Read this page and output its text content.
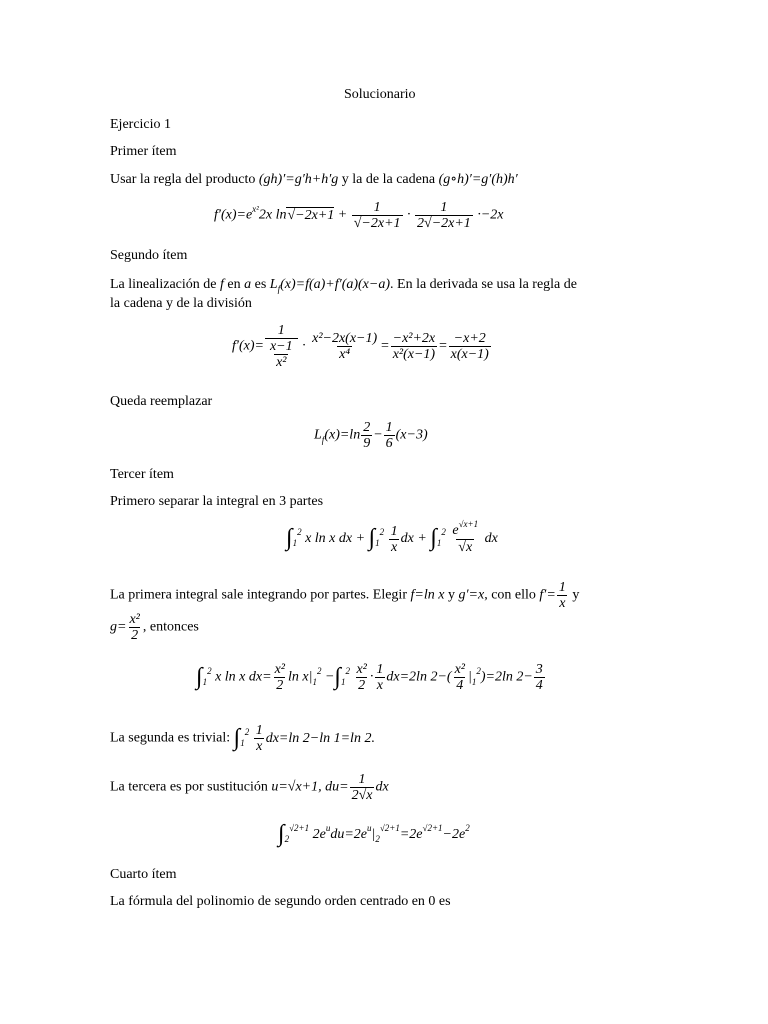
Solucionario
Ejercicio 1
Primer ítem
Usar la regla del producto (gh)′=g′h+h′g y la de la cadena (g∘h)′=g′(h)h′
$f'(x)=e^{x^2}2x$ $\ln√-2x+1 + \frac{1}{√-2x+1} \cdot \frac{1}{2√-2x+1} \cdot-2x$
Segundo ítem
La linealización de f en a es $L_f(x)=f(a)+f'(a)(x-a)$. En la derivada se usa la regla de
la cadena y de la división
$f'(x)= \frac{1}{\frac{x-1}{\text{x²}}} \cdot \frac{\text{x²−2x(x−1)}}{\text{x⁴}} = \frac{\text{−x²+2x}}{\text{x²(x−1)}} = \frac{-x+2}{x(x-1)}$
Queda reemplazar
$L_f(x)=\ln \frac{2}{9} - \frac{1}{6} (x-3)$
Tercer ítem
Primero separar la integral en 3 partes
$\int_1^2$ x ln x dx + $\int_1^2 \frac{1}{x}$ dx + $\int_1^2 \frac{e^{√x+1}}{√x}$ dx
La primera integral sale integrando por partes. Elegir f=ln x y g′=x, con ello $f'= \frac{1}{x}$ y
$g= \frac{\text{x²}}{2}$ , entonces
$\int_1^2$ x ln x $dx= \frac{\text{x²}}{2}$ $\ln x|_1^2 -\int_1^2 \frac{\text{x²}}{2} \cdot \frac{1}{x} dx=2\ln$ $2-( \frac{\text{x²}}{4} |_1^2)=2\ln$ $2- \frac{3}{4}$
La segunda es trivial: $\int_1^2 \frac{1}{x} dx=\ln$ 2−ln 1=ln 2.
La tercera es por sustitución u=√x+1, $du= \frac{1}{2√x}$ dx
$\int_2^{√2+1}$ $2e^udu=2e^u|_2^{√2+1}=2e^{√2+1}-2e^2$
Cuarto ítem
La fórmula del polinomio de segundo orden centrado en 0 es
